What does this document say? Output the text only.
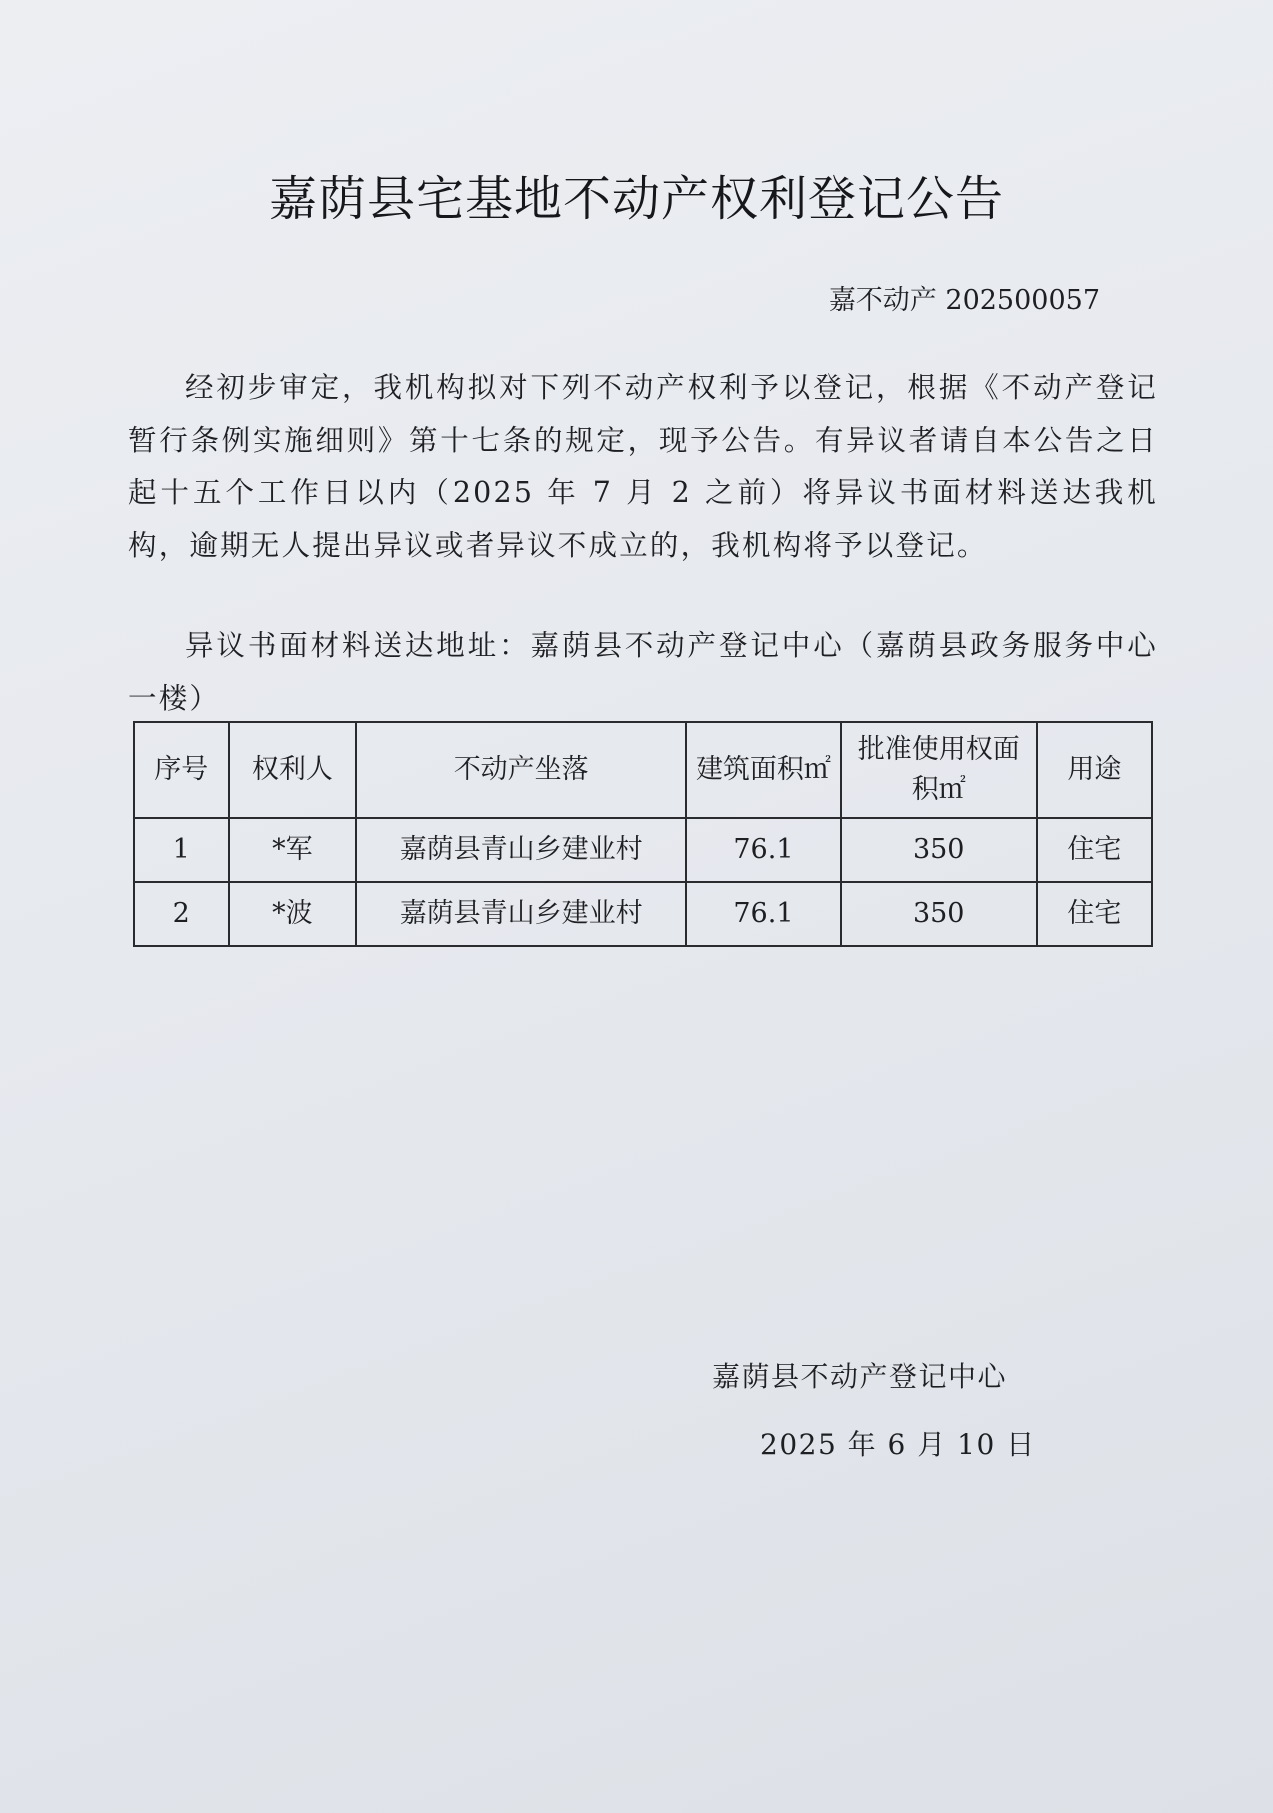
嘉荫县宅基地不动产权利登记公告
嘉不动产 202500057

经初步审定，我机构拟对下列不动产权利予以登记，根据《不动产登记暂行条例实施细则》第十七条的规定，现予公告。有异议者请自本公告之日起十五个工作日以内（2025 年 7 月 2 之前）将异议书面材料送达我机构，逾期无人提出异议或者异议不成立的，我机构将予以登记。

异议书面材料送达地址：嘉荫县不动产登记中心（嘉荫县政务服务中心一楼）

序号	权利人	不动产坐落	建筑面积㎡	批准使用权面积㎡	用途
1	*军	嘉荫县青山乡建业村	76.1	350	住宅
2	*波	嘉荫县青山乡建业村	76.1	350	住宅
嘉荫县不动产登记中心
2025 年 6 月 10 日
